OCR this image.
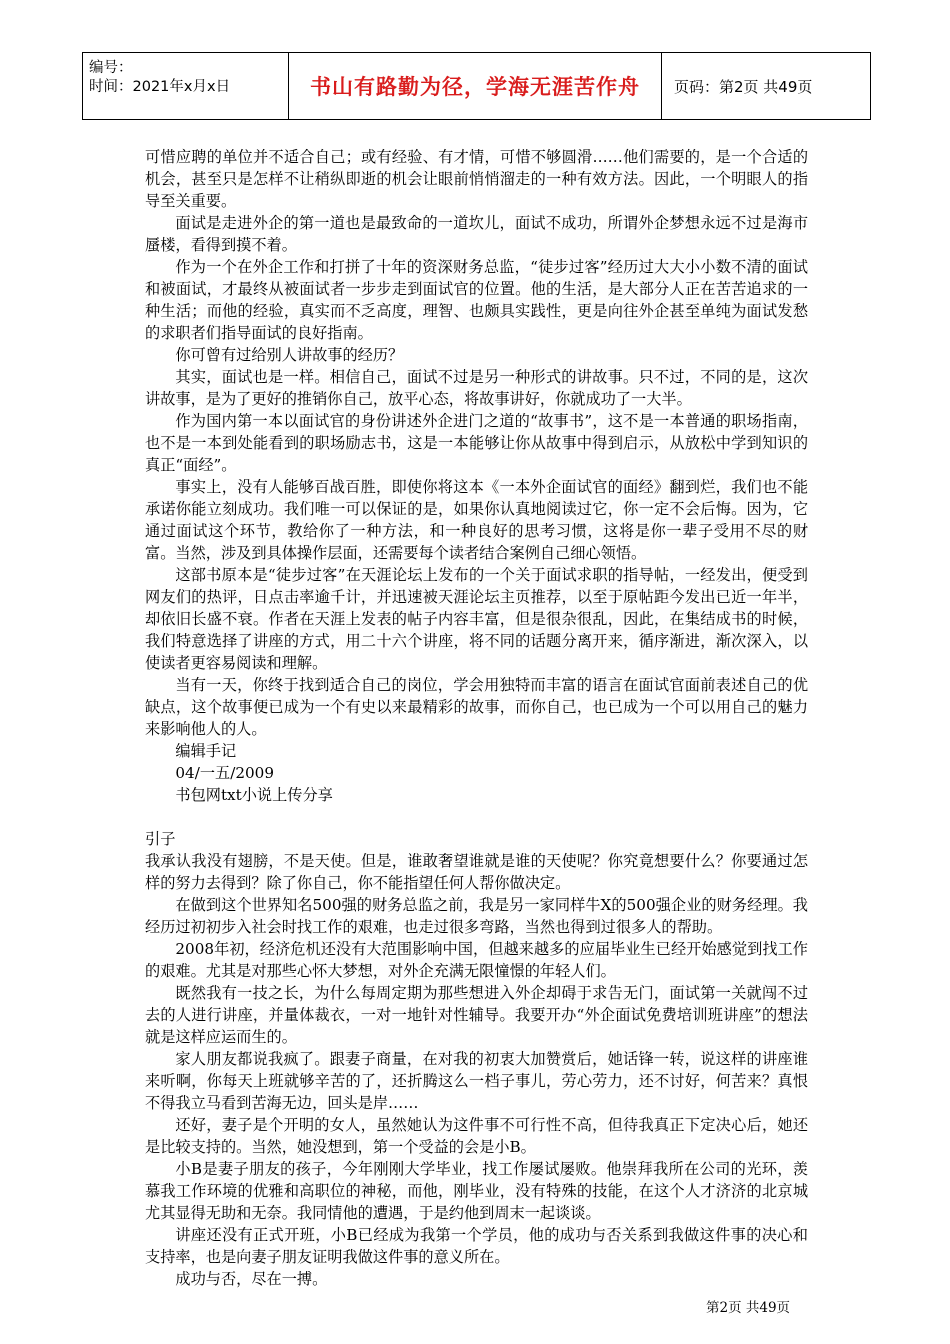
编号：
时间：2021年x月x日	书山有路勤为径，学海无涯苦作舟	页码：第2页 共49页

可惜应聘的单位并不适合自己；或有经验、有才情，可惜不够圆滑……他们需要的，是一个合适的机会，甚至只是怎样不让稍纵即逝的机会让眼前悄悄溜走的一种有效方法。因此，一个明眼人的指导至关重要。

面试是走进外企的第一道也是最致命的一道坎儿，面试不成功，所谓外企梦想永远不过是海市蜃楼，看得到摸不着。

作为一个在外企工作和打拼了十年的资深财务总监，“徒步过客”经历过大大小小数不清的面试和被面试，才最终从被面试者一步步走到面试官的位置。他的生活，是大部分人正在苦苦追求的一种生活；而他的经验，真实而不乏高度，理智、也颇具实践性，更是向往外企甚至单纯为面试发愁的求职者们指导面试的良好指南。

你可曾有过给别人讲故事的经历？

其实，面试也是一样。相信自己，面试不过是另一种形式的讲故事。只不过，不同的是，这次讲故事，是为了更好的推销你自己，放平心态，将故事讲好，你就成功了一大半。

作为国内第一本以面试官的身份讲述外企进门之道的“故事书”，这不是一本普通的职场指南，也不是一本到处能看到的职场励志书，这是一本能够让你从故事中得到启示，从放松中学到知识的真正“面经”。

事实上，没有人能够百战百胜，即使你将这本《一本外企面试官的面经》翻到烂，我们也不能承诺你能立刻成功。我们唯一可以保证的是，如果你认真地阅读过它，你一定不会后悔。因为，它通过面试这个环节，教给你了一种方法，和一种良好的思考习惯，这将是你一辈子受用不尽的财富。当然，涉及到具体操作层面，还需要每个读者结合案例自己细心领悟。

这部书原本是“徒步过客”在天涯论坛上发布的一个关于面试求职的指导帖，一经发出，便受到网友们的热评，日点击率逾千计，并迅速被天涯论坛主页推荐，以至于原帖距今发出已近一年半，却依旧长盛不衰。作者在天涯上发表的帖子内容丰富，但是很杂很乱，因此，在集结成书的时候，我们特意选择了讲座的方式，用二十六个讲座，将不同的话题分离开来，循序渐进，渐次深入，以使读者更容易阅读和理解。

当有一天，你终于找到适合自己的岗位，学会用独特而丰富的语言在面试官面前表述自己的优缺点，这个故事便已成为一个有史以来最精彩的故事，而你自己，也已成为一个可以用自己的魅力来影响他人的人。

编辑手记

04/一五/2009

书包网txt小说上传分享

引子

我承认我没有翅膀，不是天使。但是，谁敢奢望谁就是谁的天使呢？你究竟想要什么？你要通过怎样的努力去得到？除了你自己，你不能指望任何人帮你做决定。

在做到这个世界知名500强的财务总监之前，我是另一家同样牛X的500强企业的财务经理。我经历过初初步入社会时找工作的艰难，也走过很多弯路，当然也得到过很多人的帮助。

2008年初，经济危机还没有大范围影响中国，但越来越多的应届毕业生已经开始感觉到找工作的艰难。尤其是对那些心怀大梦想，对外企充满无限憧憬的年轻人们。

既然我有一技之长，为什么每周定期为那些想进入外企却碍于求告无门，面试第一关就闯不过去的人进行讲座，并量体裁衣，一对一地针对性辅导。我要开办“外企面试免费培训班讲座”的想法就是这样应运而生的。

家人朋友都说我疯了。跟妻子商量，在对我的初衷大加赞赏后，她话锋一转，说这样的讲座谁来听啊，你每天上班就够辛苦的了，还折腾这么一档子事儿，劳心劳力，还不讨好，何苦来？真恨不得我立马看到苦海无边，回头是岸……

还好，妻子是个开明的女人，虽然她认为这件事不可行性不高，但待我真正下定决心后，她还是比较支持的。当然，她没想到，第一个受益的会是小B。

小B是妻子朋友的孩子，今年刚刚大学毕业，找工作屡试屡败。他崇拜我所在公司的光环，羡慕我工作环境的优雅和高职位的神秘，而他，刚毕业，没有特殊的技能，在这个人才济济的北京城尤其显得无助和无奈。我同情他的遭遇，于是约他到周末一起谈谈。

讲座还没有正式开班，小B已经成为我第一个学员，他的成功与否关系到我做这件事的决心和支持率，也是向妻子朋友证明我做这件事的意义所在。

成功与否，尽在一搏。

第2页 共49页
